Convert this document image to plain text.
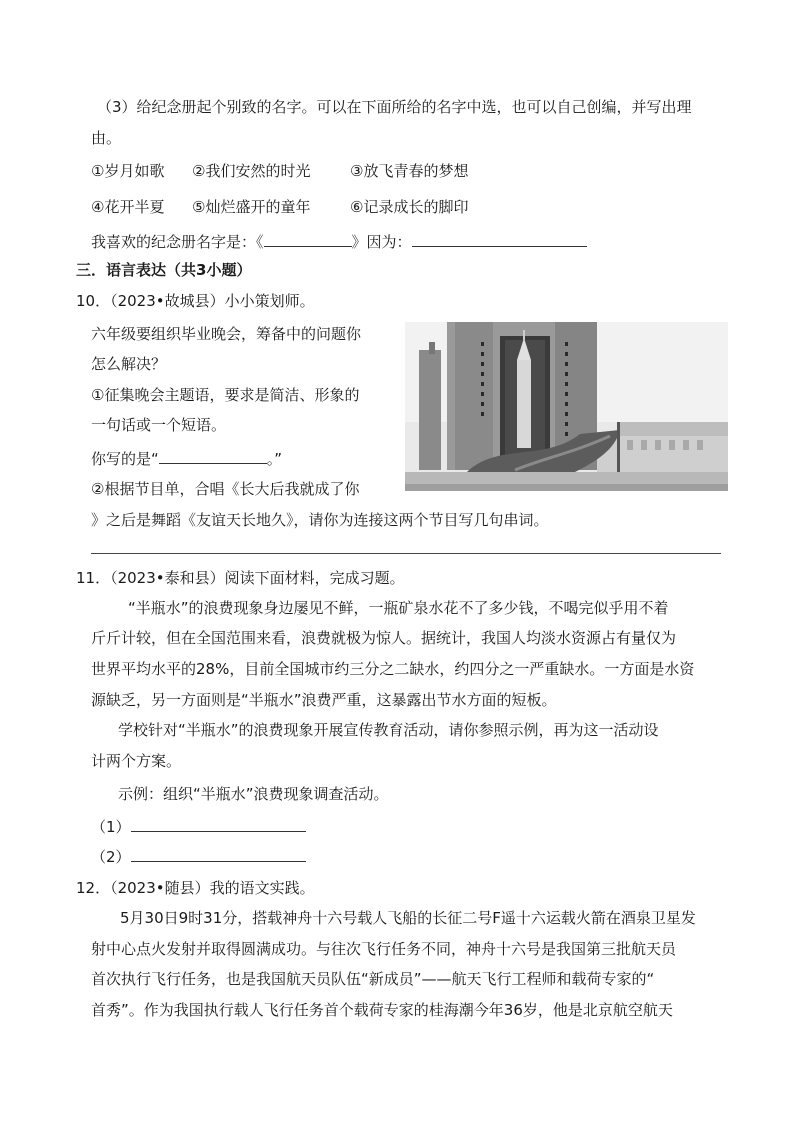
（3）给纪念册起个别致的名字。可以在下面所给的名字中选，也可以自己创编，并写出理
由。
①岁月如歌 ②我们安然的时光	③放飞青春的梦想
④花开半夏 ⑤灿烂盛开的童年	⑥记录成长的脚印
我喜欢的纪念册名字是：《	》因为：
三．语言表达（共3小题）
10．（2023•故城县）小小策划师。
六年级要组织毕业晚会，筹备中的问题你
怎么解决？
①征集晚会主题语，要求是简洁、形象的
一句话或一个短语。
你写的是“	。”
②根据节目单，合唱《长大后我就成了你
》之后是舞蹈《友谊天长地久》，请你为连接这两个节目写几句串词。
11．（2023•泰和县）阅读下面材料，完成习题。
“半瓶水”的浪费现象身边屡见不鲜，一瓶矿泉水花不了多少钱，不喝完似乎用不着
斤斤计较，但在全国范围来看，浪费就极为惊人。据统计，我国人均淡水资源占有量仅为
世界平均水平的28%，目前全国城市约三分之二缺水，约四分之一严重缺水。一方面是水资
源缺乏，另一方面则是“半瓶水”浪费严重，这暴露出节水方面的短板。
学校针对“半瓶水”的浪费现象开展宣传教育活动，请你参照示例，再为这一活动设
计两个方案。
示例：组织“半瓶水”浪费现象调查活动。
（1）
（2）
12．（2023•随县）我的语文实践。
5月30日9时31分，搭载神舟十六号载人飞船的长征二号F遥十六运载火箭在酒泉卫星发
射中心点火发射并取得圆满成功。与往次飞行任务不同，神舟十六号是我国第三批航天员
首次执行飞行任务，也是我国航天员队伍“新成员”——航天飞行工程师和载荷专家的“
首秀”。作为我国执行载人飞行任务首个载荷专家的桂海潮今年36岁，他是北京航空航天
